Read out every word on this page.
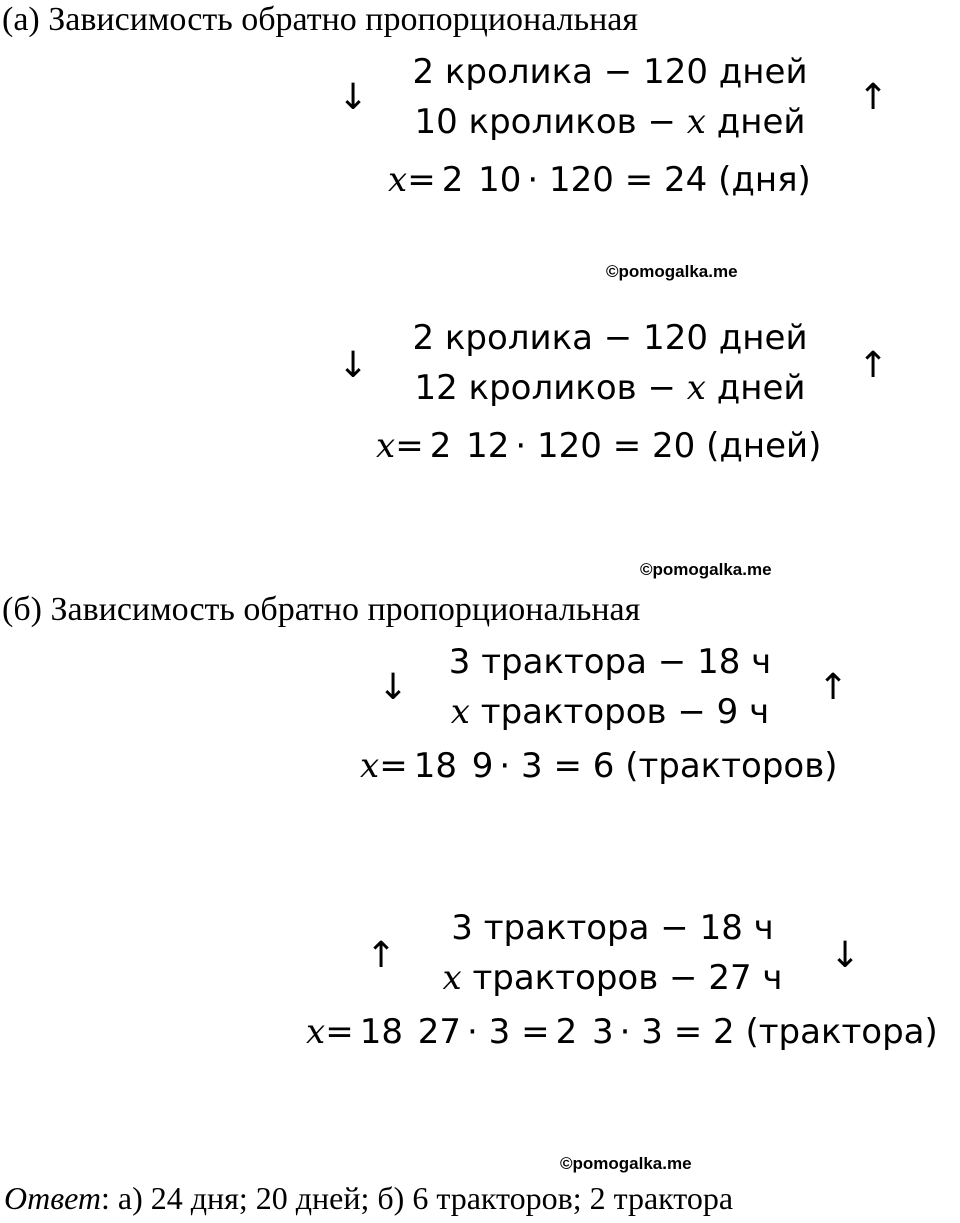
(а) Зависимость обратно пропорциональная
↓	↑
2 кролика − 120 дней
10 кроликов − x дней
x = 2 10 · 120 = 24 (дня)
©pomogalka.me
↓	↑
2 кролика − 120 дней
12 кроликов − x дней
x = 2 12 · 120 = 20 (дней)
©pomogalka.me
(б) Зависимость обратно пропорциональная
↓	↑
3 трактора − 18 ч
x тракторов − 9 ч
x = 18 9 · 3 = 6 (тракторов)
↑	↓
3 трактора − 18 ч
x тракторов − 27 ч
x = 18 27 · 3 = 2 3 · 3 = 2 (трактора)
©pomogalka.me
Ответ: а) 24 дня; 20 дней; б) 6 тракторов; 2 трактора
